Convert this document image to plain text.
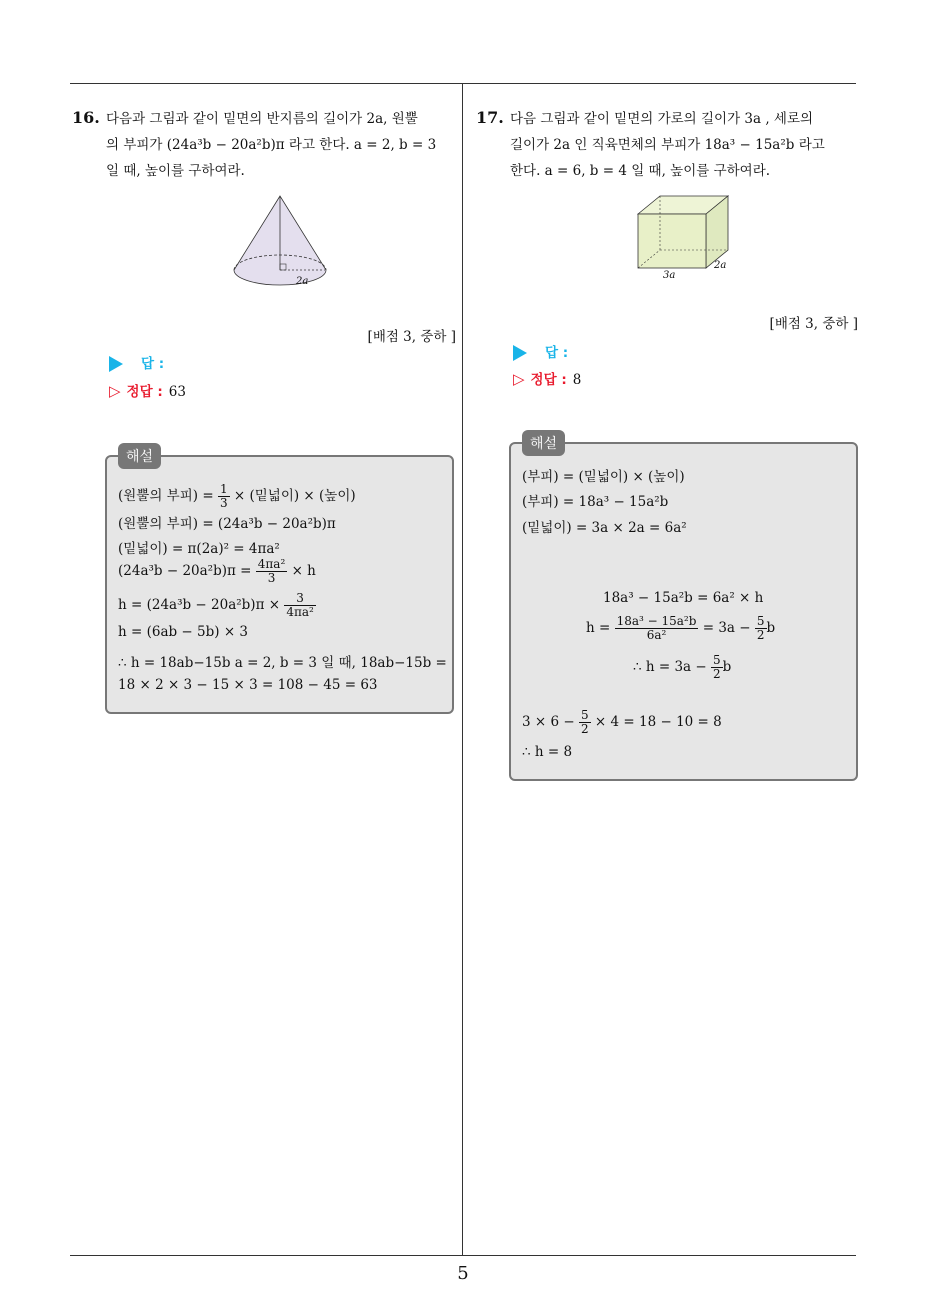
16. 다음과 그림과 같이 밑면의 반지름의 길이가 2a, 원뿔
의 부피가 (24a³b − 20a²b)π 라고 한다. a = 2, b = 3
일 때, 높이를 구하여라.
2a
[배점 3, 중하 ]
답 :
▷ 정답 : 63
해설
(원뿔의 부피) = $\frac{1}{3}$ × (밑넓이) × (높이)
(원뿔의 부피) = (24a³b − 20a²b)π
(밑넓이) = π(2a)² = 4πa²
$(24a^3b - 20a^2b)\pi = \frac{\text{4πa²}}{3} \times h$
$h = (24a^3b - 20a^2b)\pi \times \frac{3}{\text{4πa²}}$
h = (6ab − 5b) × 3
∴ h = 18ab−15b a = 2, b = 3 일 때, 18ab−15b =
18 × 2 × 3 − 15 × 3 = 108 − 45 = 63
17. 다음 그림과 같이 밑면의 가로의 길이가 3a , 세로의
길이가 2a 인 직육면체의 부피가 18a³ − 15a²b 라고
한다. a = 6, b = 4 일 때, 높이를 구하여라.
3a
2a
[배점 3, 중하 ]
답 :
▷ 정답 : 8
해설
(부피) = (밑넓이) × (높이)
(부피) = 18a³ − 15a²b
(밑넓이) = 3a × 2a = 6a²
18a³ − 15a²b = 6a² × h
$h = \frac{\text{18a³ − 15a²b}}{\text{6a²}} = 3a - \frac{5}{2}$ b
∴ $h = 3a - \frac{5}{2}$ b
$3 \times 6 - \frac{5}{2} \times 4 = 18 - 10 = 8$
∴ h = 8
5
